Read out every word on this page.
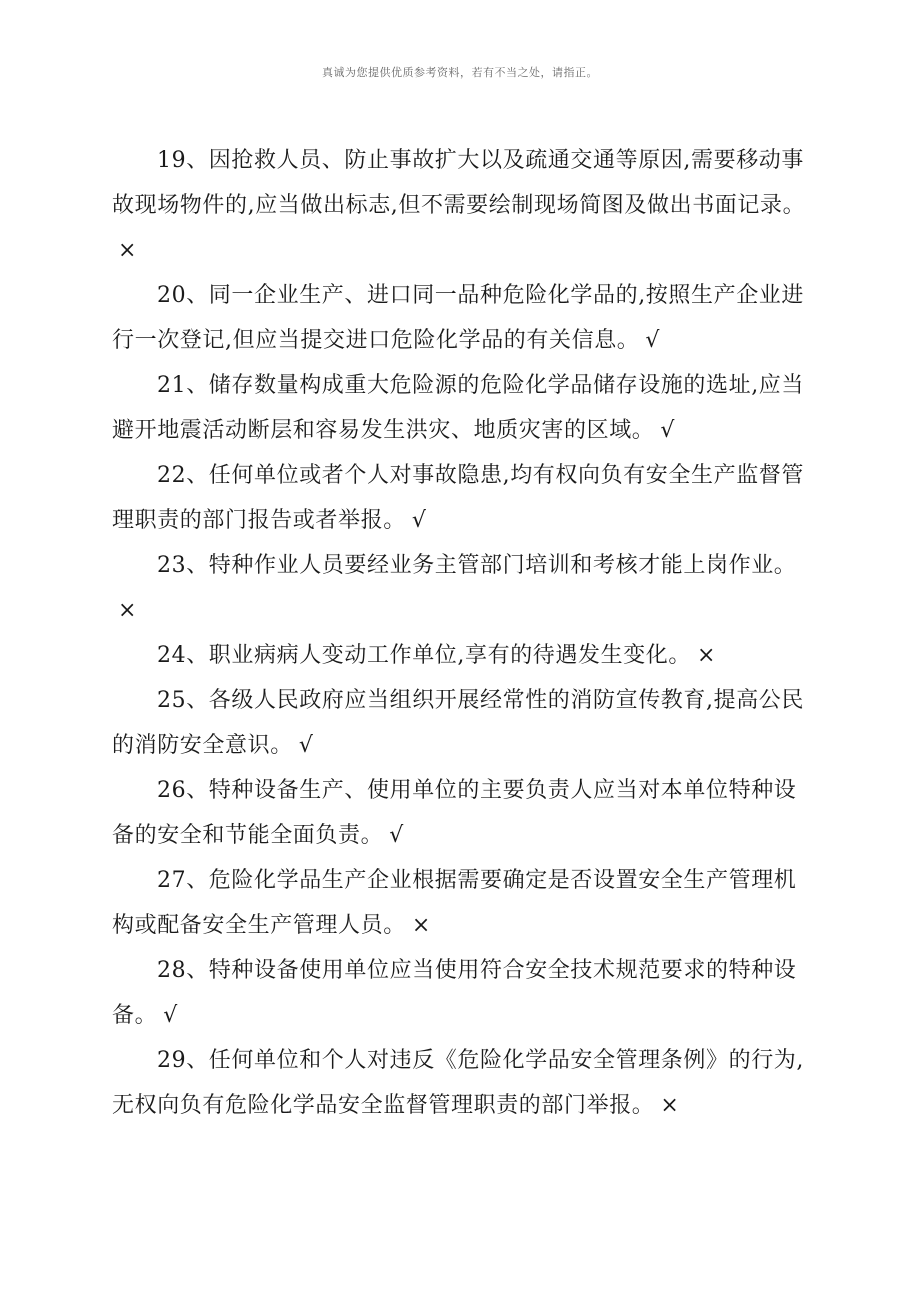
真诚为您提供优质参考资料，若有不当之处，请指正。

19、因抢救人员、防止事故扩大以及疏通交通等原因,需要移动事故现场物件的,应当做出标志,但不需要绘制现场简图及做出书面记录。×

20、同一企业生产、进口同一品种危险化学品的,按照生产企业进行一次登记,但应当提交进口危险化学品的有关信息。 √

21、储存数量构成重大危险源的危险化学品储存设施的选址,应当避开地震活动断层和容易发生洪灾、地质灾害的区域。 √

22、任何单位或者个人对事故隐患,均有权向负有安全生产监督管理职责的部门报告或者举报。 √

23、特种作业人员要经业务主管部门培训和考核才能上岗作业。×

24、职业病病人变动工作单位,享有的待遇发生变化。 ×

25、各级人民政府应当组织开展经常性的消防宣传教育,提高公民的消防安全意识。 √

26、特种设备生产、使用单位的主要负责人应当对本单位特种设备的安全和节能全面负责。 √

27、危险化学品生产企业根据需要确定是否设置安全生产管理机构或配备安全生产管理人员。 ×

28、特种设备使用单位应当使用符合安全技术规范要求的特种设备。 √

29、任何单位和个人对违反《危险化学品安全管理条例》的行为,无权向负有危险化学品安全监督管理职责的部门举报。 ×
